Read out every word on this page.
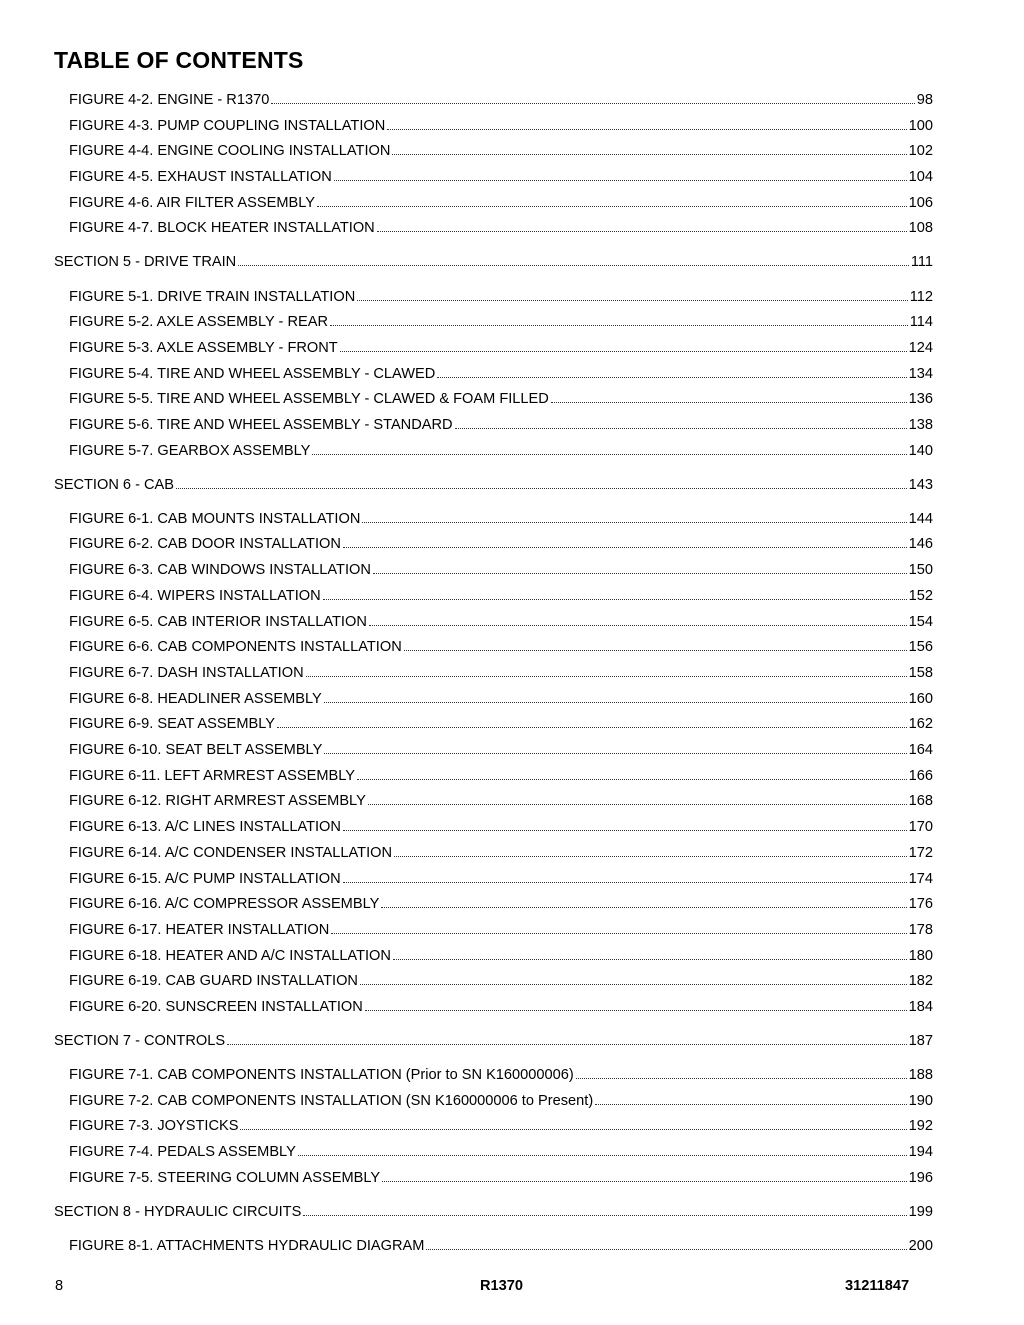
TABLE OF CONTENTS
FIGURE 4-2. ENGINE - R1370	98
FIGURE 4-3. PUMP COUPLING INSTALLATION	100
FIGURE 4-4. ENGINE COOLING INSTALLATION	102
FIGURE 4-5. EXHAUST INSTALLATION	104
FIGURE 4-6. AIR FILTER ASSEMBLY	106
FIGURE 4-7. BLOCK HEATER INSTALLATION	108
SECTION 5 - DRIVE TRAIN	111
FIGURE 5-1. DRIVE TRAIN INSTALLATION	112
FIGURE 5-2. AXLE ASSEMBLY - REAR	114
FIGURE 5-3. AXLE ASSEMBLY - FRONT	124
FIGURE 5-4. TIRE AND WHEEL ASSEMBLY - CLAWED	134
FIGURE 5-5. TIRE AND WHEEL ASSEMBLY - CLAWED & FOAM FILLED	136
FIGURE 5-6. TIRE AND WHEEL ASSEMBLY - STANDARD	138
FIGURE 5-7. GEARBOX ASSEMBLY	140
SECTION 6 - CAB	143
FIGURE 6-1. CAB MOUNTS INSTALLATION	144
FIGURE 6-2. CAB DOOR INSTALLATION	146
FIGURE 6-3. CAB WINDOWS INSTALLATION	150
FIGURE 6-4. WIPERS INSTALLATION	152
FIGURE 6-5. CAB INTERIOR INSTALLATION	154
FIGURE 6-6. CAB COMPONENTS INSTALLATION	156
FIGURE 6-7. DASH INSTALLATION	158
FIGURE 6-8. HEADLINER ASSEMBLY	160
FIGURE 6-9. SEAT ASSEMBLY	162
FIGURE 6-10. SEAT BELT ASSEMBLY	164
FIGURE 6-11. LEFT ARMREST ASSEMBLY	166
FIGURE 6-12. RIGHT ARMREST ASSEMBLY	168
FIGURE 6-13. A/C LINES INSTALLATION	170
FIGURE 6-14. A/C CONDENSER INSTALLATION	172
FIGURE 6-15. A/C PUMP INSTALLATION	174
FIGURE 6-16. A/C COMPRESSOR ASSEMBLY	176
FIGURE 6-17. HEATER INSTALLATION	178
FIGURE 6-18. HEATER AND A/C INSTALLATION	180
FIGURE 6-19. CAB GUARD INSTALLATION	182
FIGURE 6-20. SUNSCREEN INSTALLATION	184
SECTION 7 - CONTROLS	187
FIGURE 7-1. CAB COMPONENTS INSTALLATION (Prior to SN K160000006)	188
FIGURE 7-2. CAB COMPONENTS INSTALLATION (SN K160000006 to Present)	190
FIGURE 7-3. JOYSTICKS	192
FIGURE 7-4. PEDALS ASSEMBLY	194
FIGURE 7-5. STEERING COLUMN ASSEMBLY	196
SECTION 8 - HYDRAULIC CIRCUITS	199
FIGURE 8-1. ATTACHMENTS HYDRAULIC DIAGRAM	200
8	R1370	31211847
